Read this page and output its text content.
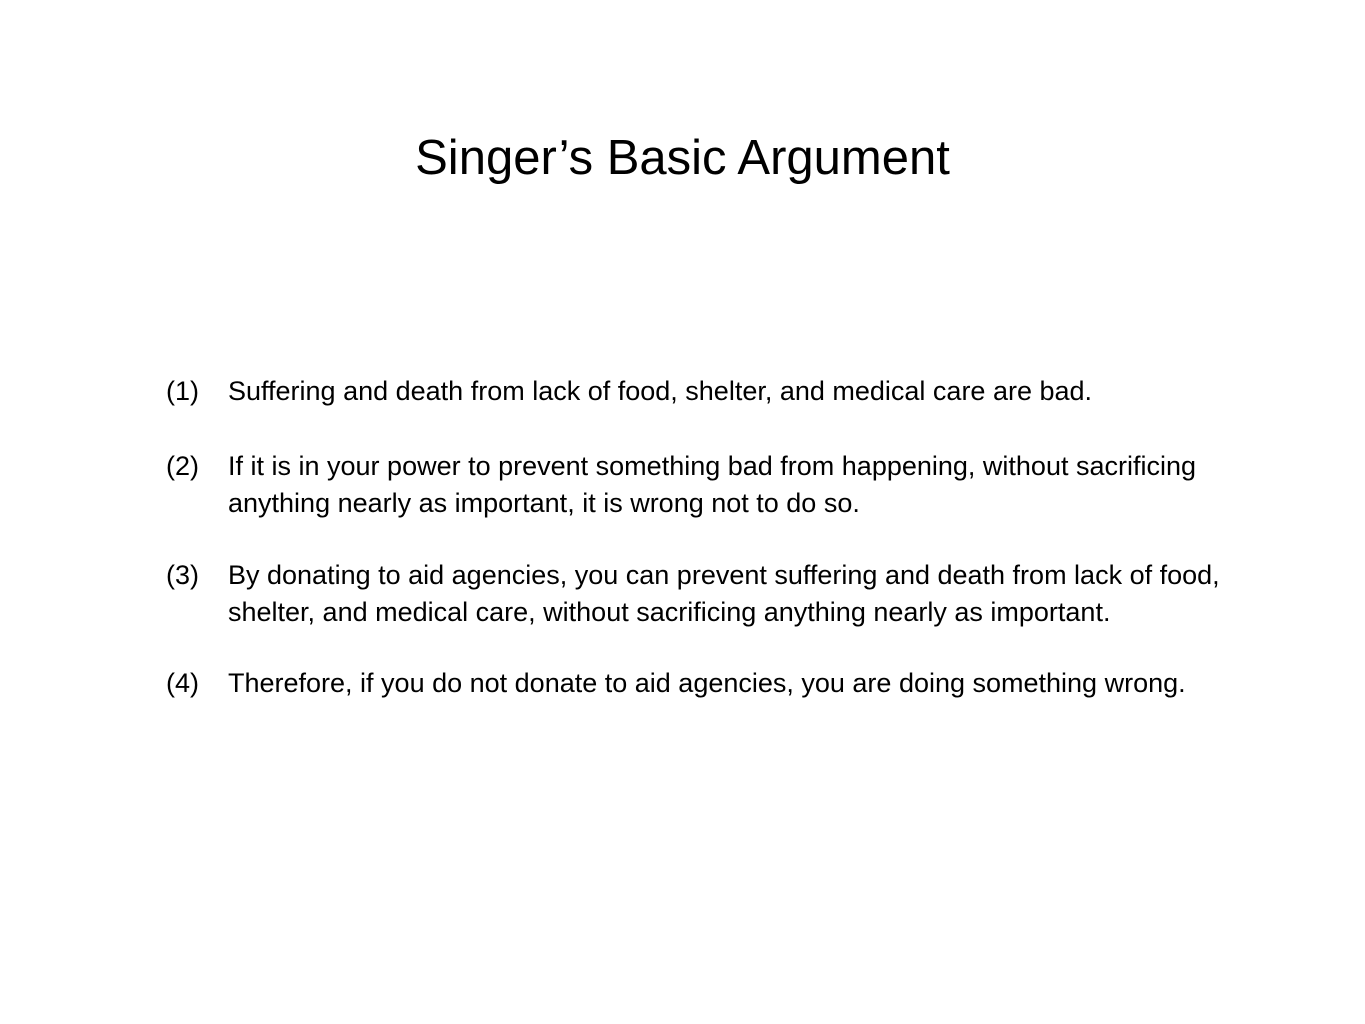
Singer’s Basic Argument
(1)	Suffering and death from lack of food, shelter, and medical care are bad.
(2)	If it is in your power to prevent something bad from happening, without sacrificing anything nearly as important, it is wrong not to do so.
(3)	By donating to aid agencies, you can prevent suffering and death from lack of food, shelter, and medical care, without sacrificing anything nearly as important.
(4)	Therefore, if you do not donate to aid agencies, you are doing something wrong.
